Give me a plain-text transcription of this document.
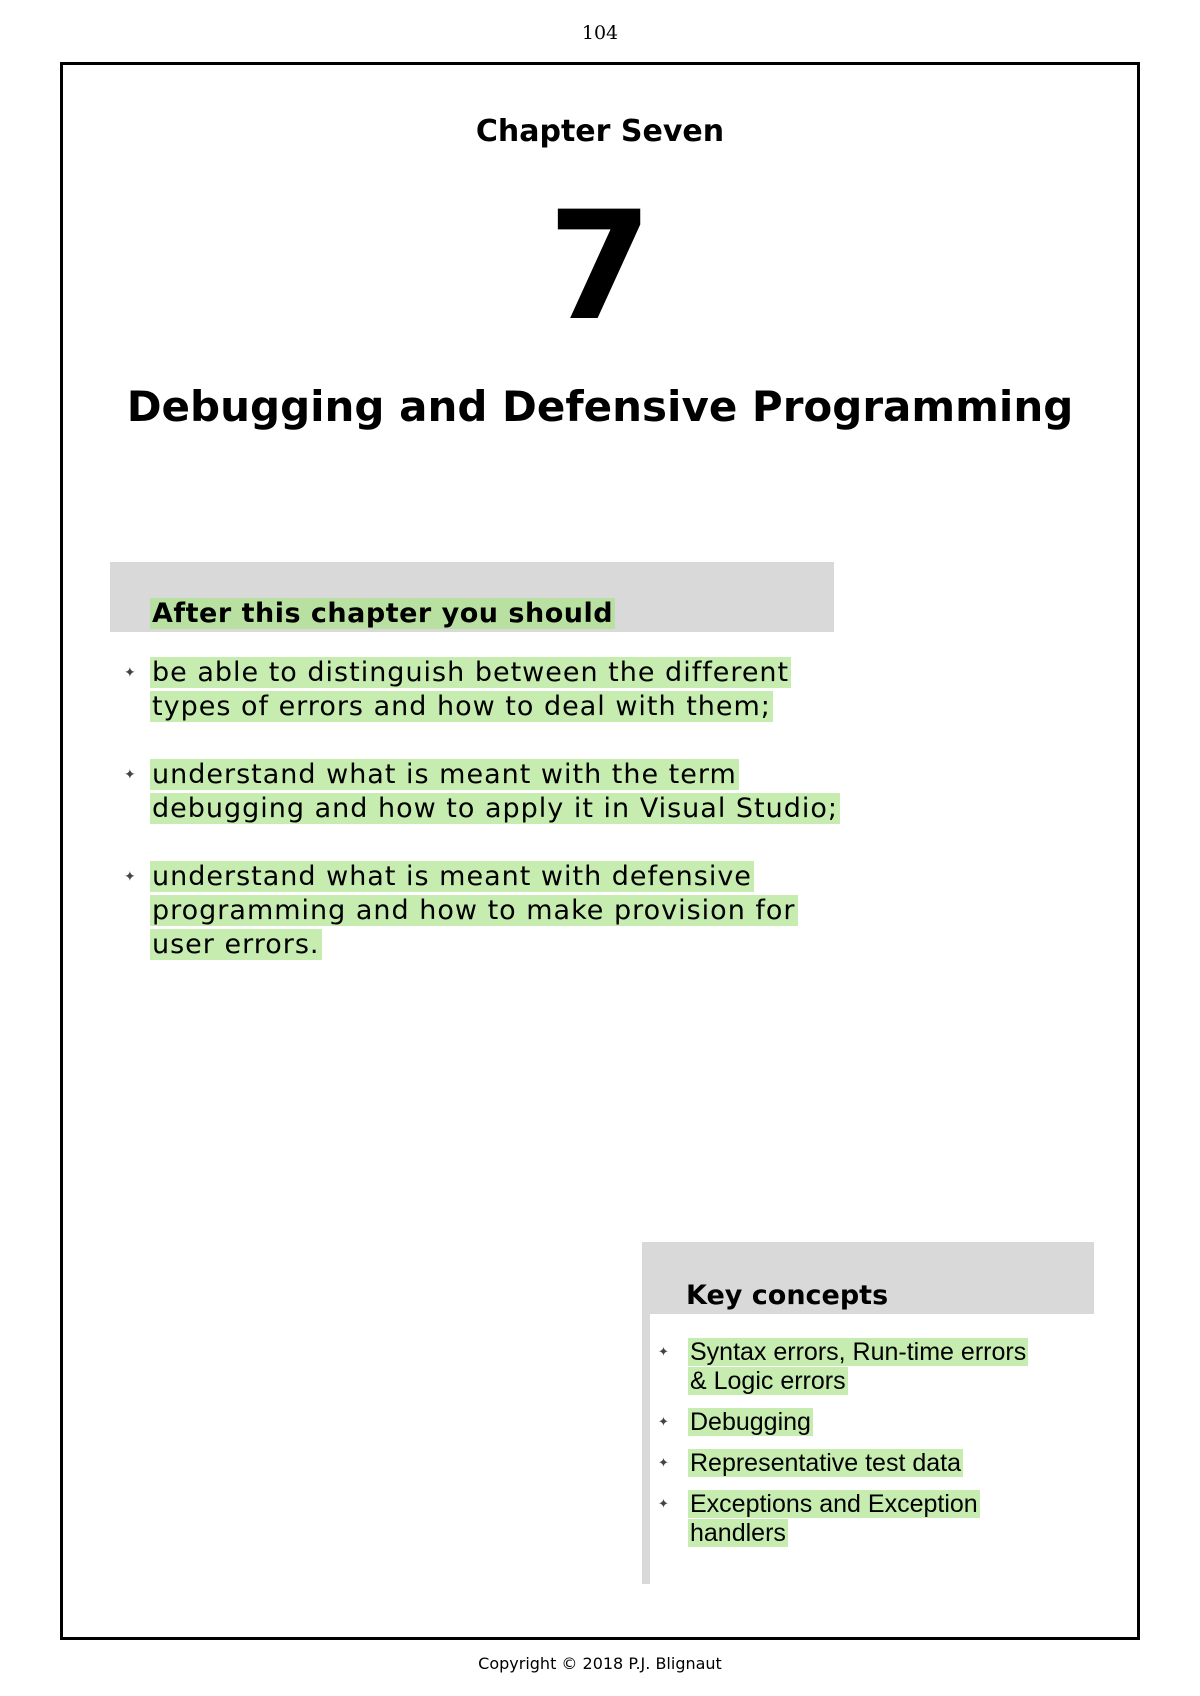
104
Chapter Seven
7
Debugging and Defensive Programming
After this chapter you should
✦ be able to distinguish between the different
types of errors and how to deal with them;
✦ understand what is meant with the term
debugging and how to apply it in Visual Studio;
✦ understand what is meant with defensive
programming and how to make provision for
user errors.
Key concepts
✦ Syntax errors, Run-time errors
& Logic errors
✦ Debugging
✦ Representative test data
✦ Exceptions and Exception
handlers
Copyright © 2018 P.J. Blignaut
